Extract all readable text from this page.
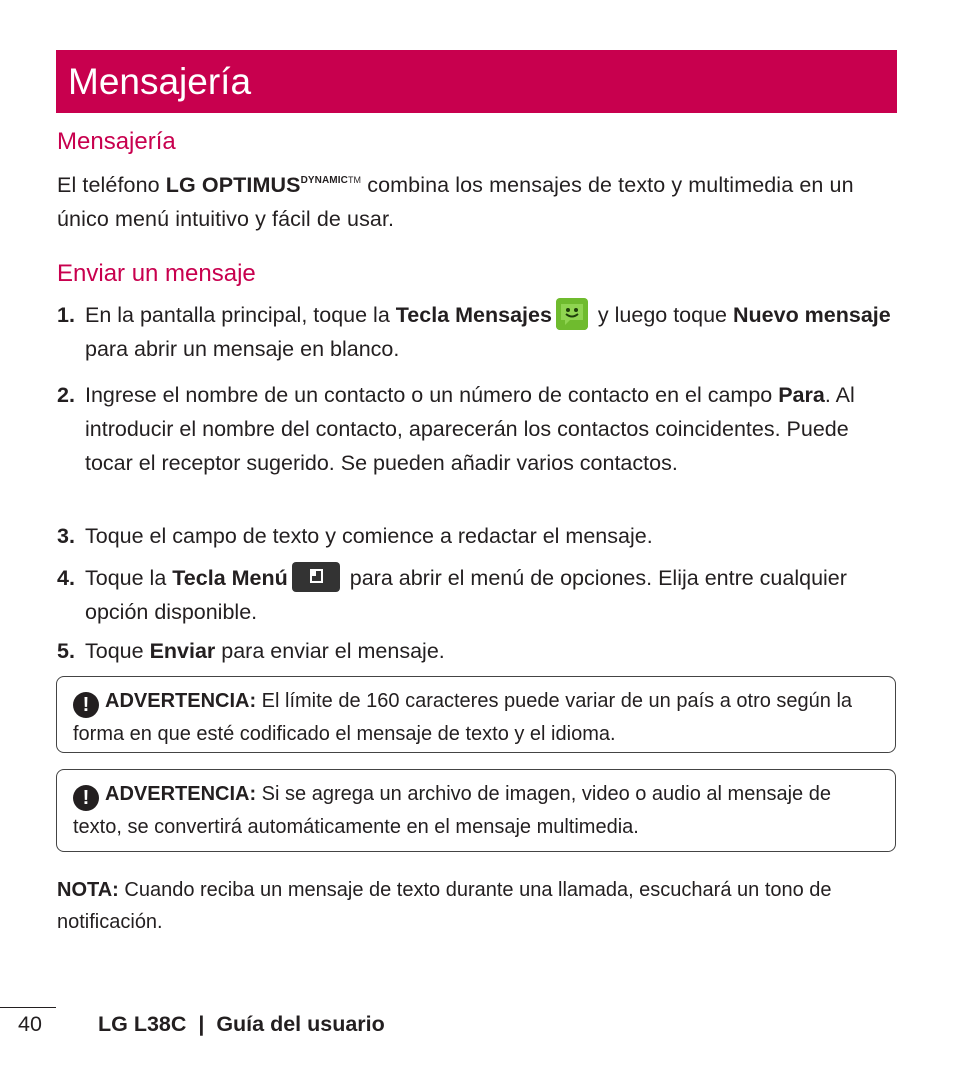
Mensajería
Mensajería
El teléfono LG $OPTIMUS^{DYNAMICTM}$ combina los mensajes de texto y multimedia en un único menú intuitivo y fácil de usar.
Enviar un mensaje
1. En la pantalla principal, toque la Tecla Mensajes
y luego toque Nuevo mensaje para abrir un mensaje en blanco.
2. Ingrese el nombre de un contacto o un número de contacto en el campo Para. Al introducir el nombre del contacto, aparecerán los contactos coincidentes. Puede tocar el receptor sugerido. Se pueden añadir varios contactos.
3. Toque el campo de texto y comience a redactar el mensaje.
4. Toque la Tecla Menú	para abrir el menú de opciones. Elija entre cualquier opción disponible.
5. Toque Enviar para enviar el mensaje.
! ADVERTENCIA: El límite de 160 caracteres puede variar de un país a otro según la forma en que esté codificado el mensaje de texto y el idioma.
! ADVERTENCIA: Si se agrega un archivo de imagen, video o audio al mensaje de texto, se convertirá automáticamente en el mensaje multimedia.
NOTA: Cuando reciba un mensaje de texto durante una llamada, escuchará un tono de notificación.
40	LG L38C  |  Guía del usuario
